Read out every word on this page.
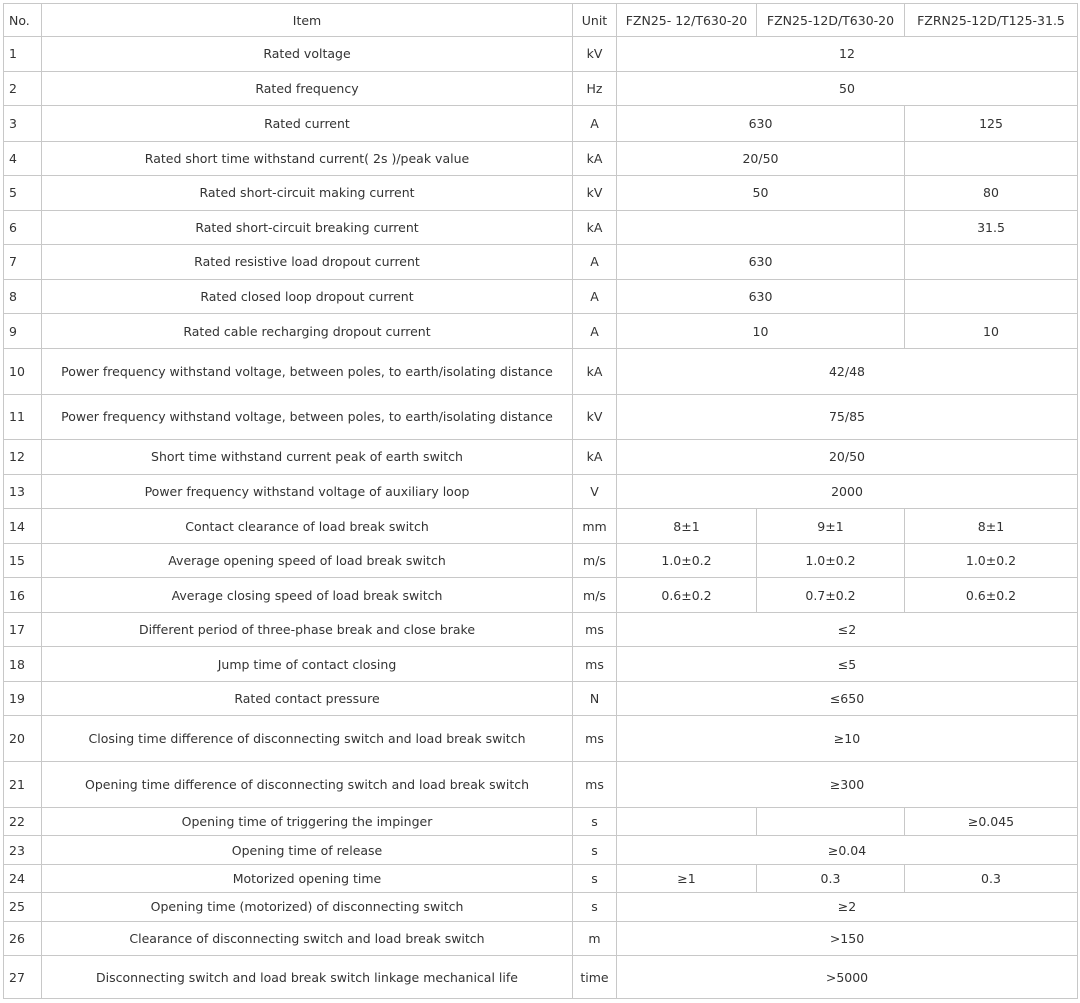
No.	Item	Unit	FZN25- 12/T630-20	FZN25-12D/T630-20	FZRN25-12D/T125-31.5
1	Rated voltage	kV	12		
2	Rated frequency	Hz	50		
3	Rated current	A	630		125
4	Rated short time withstand current( 2s )/peak value	kA	20/50		
5	Rated short-circuit making current	kV	50		80
6	Rated short-circuit breaking current	kA			31.5
7	Rated resistive load dropout current	A	630		
8	Rated closed loop dropout current	A	630		
9	Rated cable recharging dropout current	A	10		10
10	Power frequency withstand voltage, between poles, to earth/isolating distance	kA	42/48		
11	Power frequency withstand voltage, between poles, to earth/isolating distance	kV	75/85		
12	Short time withstand current peak of earth switch	kA	20/50		
13	Power frequency withstand voltage of auxiliary loop	V	2000		
14	Contact clearance of load break switch	mm	8±1	9±1	8±1
15	Average opening speed of load break switch	m/s	1.0±0.2	1.0±0.2	1.0±0.2
16	Average closing speed of load break switch	m/s	0.6±0.2	0.7±0.2	0.6±0.2
17	Different period of three-phase break and close brake	ms	≤2		
18	Jump time of contact closing	ms	≤5		
19	Rated contact pressure	N	≤650		
20	Closing time difference of disconnecting switch and load break switch	ms	≥10		
21	Opening time difference of disconnecting switch and load break switch	ms	≥300		
22	Opening time of triggering the impinger	s			≥0.045
23	Opening time of release	s	≥0.04		
24	Motorized opening time	s	≥1	0.3	0.3
25	Opening time (motorized) of disconnecting switch	s	≥2		
26	Clearance of disconnecting switch and load break switch	m	>150		
27	Disconnecting switch and load break switch linkage mechanical life	time	>5000		
